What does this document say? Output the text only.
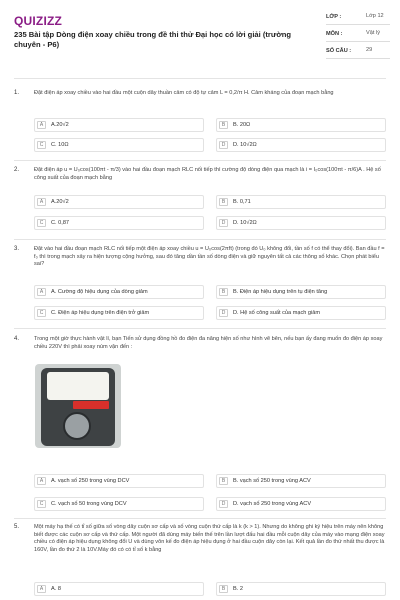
QUIZIZZ
235 Bài tập Dòng điện xoay chiều trong đề thi thử Đại học có lời giải (trường chuyên - P6)
LỚP :	Lớp 12
MÔN :	Vật lý
SỐ CÂU :	29
1.	Đặt điện áp xoay chiều vào hai đầu một cuộn dây thuần cảm có độ tự cảm L = 0,2/π H. Cảm kháng của đoạn mạch bằng
A	A.20√2	B	B. 20Ω
C	C. 10Ω	D	D. 10√2Ω
2.	Đặt điện áp u = U₀cos(100πt - π/3) vào hai đầu đoạn mạch RLC nối tiếp thì cường độ dòng điện qua mạch là i = I₀cos(100πt - π/6)A . Hệ số công suất của đoạn mạch bằng
A	A.20√2	B	B. 0,71
C	C. 0,87	D	D. 10√2Ω
3.	Đặt vào hai đầu đoạn mạch RLC nối tiếp một điện áp xoay chiều u = U₀cos(2πft) (trong đó U₀ không đổi, tần số f có thể thay đổi). Ban đầu f = f₀ thì trong mạch xảy ra hiện tượng cộng hưởng, sau đó tăng dần tần số dòng điện và giữ nguyên tất cả các thông số khác. Chọn phát biểu sai?
A	A. Cường độ hiệu dụng của dòng giảm	B	B. Điện áp hiệu dụng trên tụ điện tăng
C	C. Điện áp hiệu dụng trên điện trở giảm	D	D. Hệ số công suất của mạch giảm
4.	Trong một giờ thực hành vật lí, bạn Tiến sử dụng đồng hồ đo điện đa năng hiện số như hình vẽ bên, nếu bạn ấy đang muốn đo điện áp xoay chiều 220V thì phải xoay núm vặn đến :
A	A. vạch số 250 trong vùng DCV	B	B. vạch số 250 trong vùng ACV
C	C. vạch số 50 trong vùng DCV	D	D. vạch số 250 trong vùng ACV
5.	Một máy hạ thế có tỉ số giữa số vòng dây cuộn sơ cấp và số vòng cuộn thứ cấp là k (k > 1). Nhưng do không ghi ký hiệu trên máy nên không biết được các cuộn sơ cấp và thứ cấp. Một người đã dùng máy biến thế trên lần lượt đấu hai đầu mỗi cuộn dây của máy vào mạng điện xoay chiều có điện áp hiệu dụng không đổi U và dùng vôn kế đo điện áp hiệu dụng ở hai đầu cuộn dây còn lại. Kết quả lần đo thứ nhất thu được là 160V, lần đo thứ 2 là 10V.Máy đó có có tỉ số k bằng
A	A. 8	B	B. 2
